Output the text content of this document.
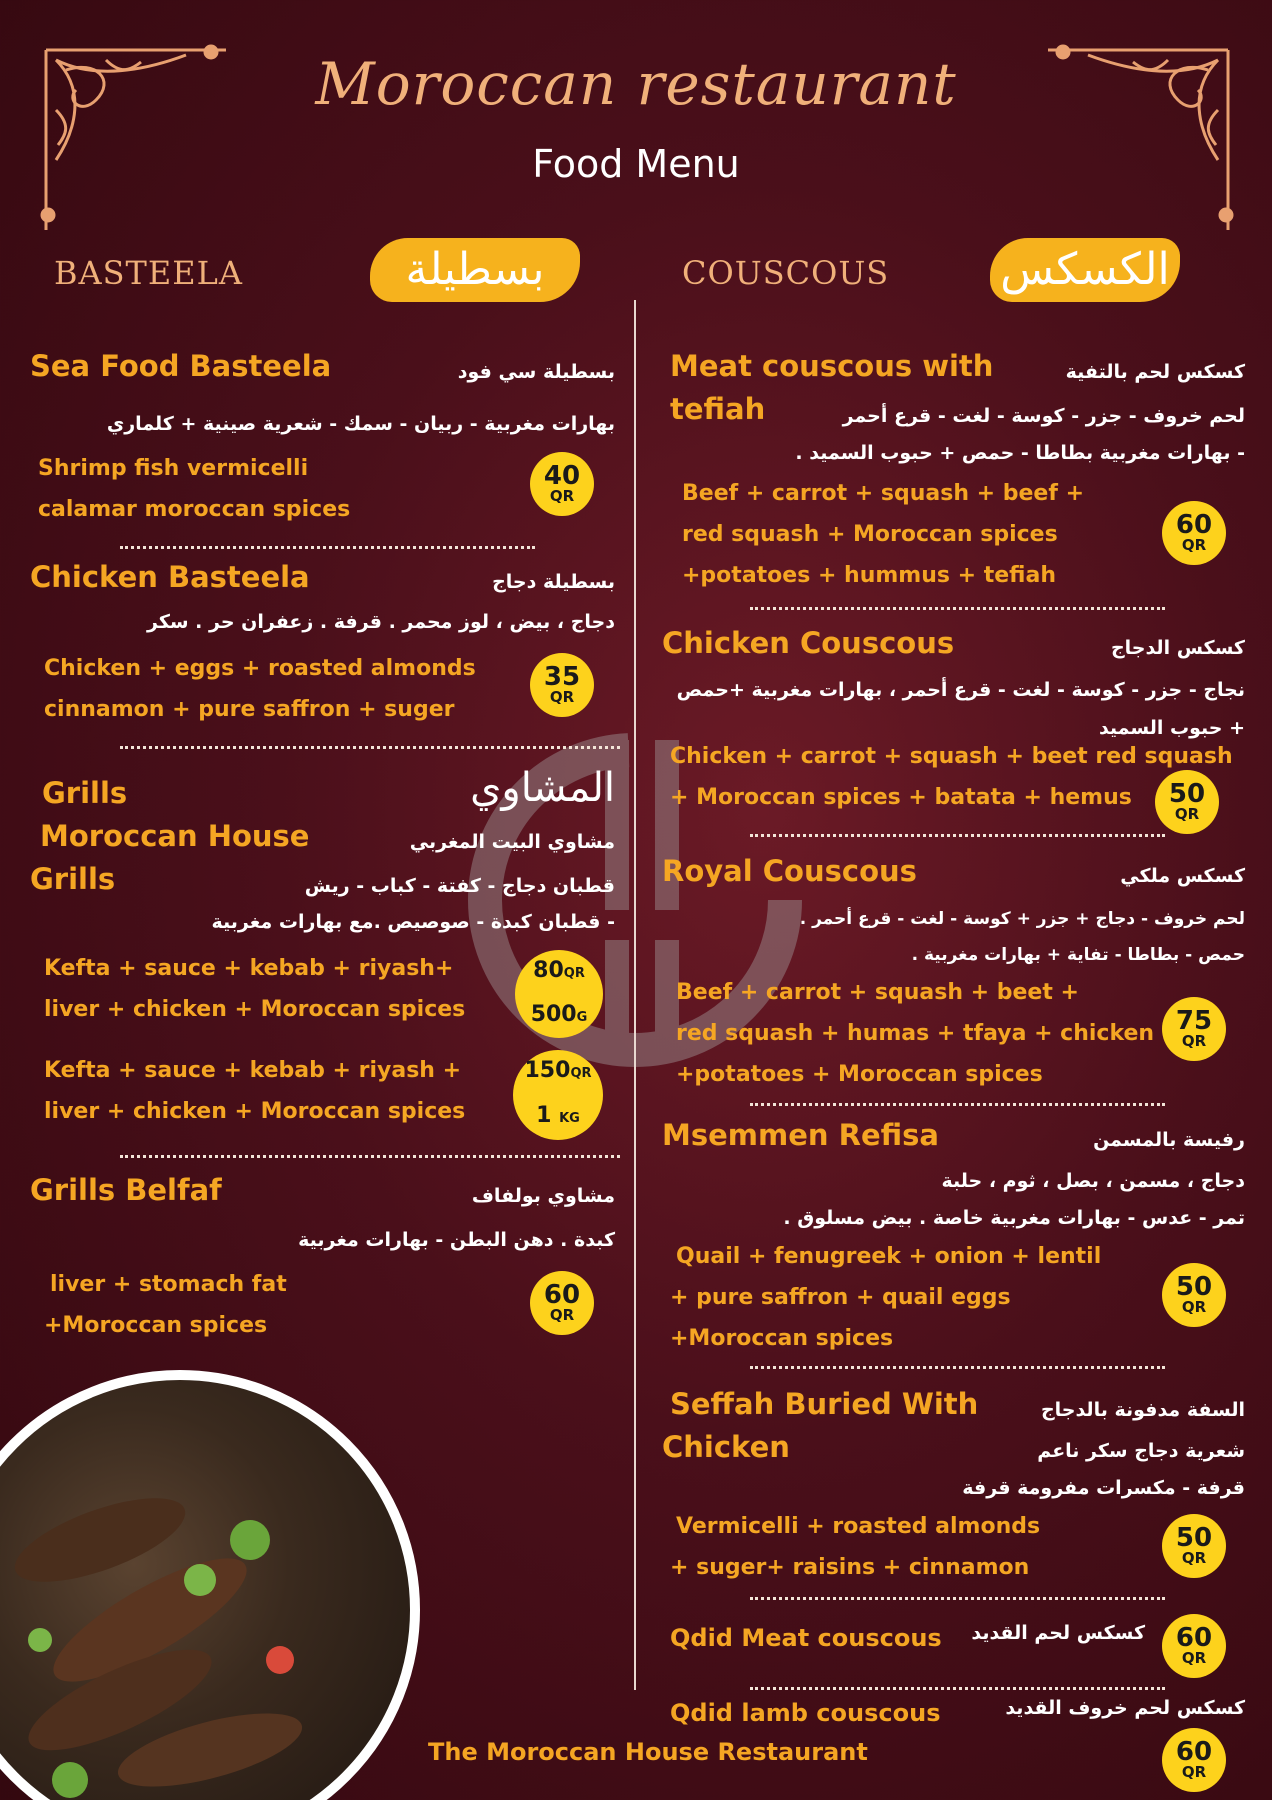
Moroccan restaurant
Food Menu
BASTEELA	بسطيلة	COUSCOUS	الكسكس
Sea Food Basteela	بسطيلة سي فود
بهارات مغربية - ربيان - سمك - شعرية صينية + كلماري
Shrimp fish vermicelli
calamar moroccan spices
40
QR
Chicken Basteela	بسطيلة دجاج
دجاج ، بيض ، لوز محمر . قرفة . زعفران حر . سكر
Chicken + eggs + roasted almonds
cinnamon + pure saffron + suger
35
QR
Grills	المشاوي
Moroccan House
Grills
مشاوي البيت المغربي
قطبان دجاج - كفتة - كباب - ريش
- قطبان كبدة - صوصيص .مع بهارات مغربية
Kefta + sauce + kebab + riyash+
liver + chicken + Moroccan spices
80QR
500G
Kefta + sauce + kebab + riyash +
liver + chicken + Moroccan spices
150QR
1 KG
Grills Belfaf	مشاوي بولفاف
كبدة . دهن البطن - بهارات مغربية
liver + stomach fat
+Moroccan spices
60
QR
Meat couscous with
tefiah
كسكس لحم بالتفية
لحم خروف - جزر - كوسة - لغت - قرع أحمر
- بهارات مغربية بطاطا - حمص + حبوب السميد .
Beef + carrot + squash + beef +
red squash + Moroccan spices
+potatoes + hummus + tefiah
60
QR
Chicken Couscous	كسكس الدجاج
نجاج - جزر - كوسة - لغت - قرع أحمر ، بهارات مغربية +حمص
+ حبوب السميد
Chicken + carrot + squash + beet red squash
+ Moroccan spices + batata + hemus 50
QR
Royal Couscous	كسكس ملكي
لحم خروف - دجاج + جزر + كوسة - لغت - قرع أحمر .
حمص - بطاطا - تفاية + بهارات مغربية .
Beef + carrot + squash + beet +
red squash + humas + tfaya + chicken
+potatoes + Moroccan spices
75
QR
Msemmen Refisa	رفيسة بالمسمن
دجاج ، مسمن ، بصل ، ثوم ، حلبة
تمر - عدس - بهارات مغربية خاصة . بيض مسلوق .
Quail + fenugreek + onion + lentil
+ pure saffron + quail eggs
+Moroccan spices
50
QR
Seffah Buried With
Chicken
السفة مدفونة بالدجاج
شعرية دجاج سكر ناعم
قرفة - مكسرات مفرومة قرفة
Vermicelli + roasted almonds
+ suger+ raisins + cinnamon
50
QR
Qdid Meat couscous	كسكس لحم القديد 60
QR
Qdid lamb couscous	كسكس لحم خروف القديد
60
QR
The Moroccan House Restaurant
